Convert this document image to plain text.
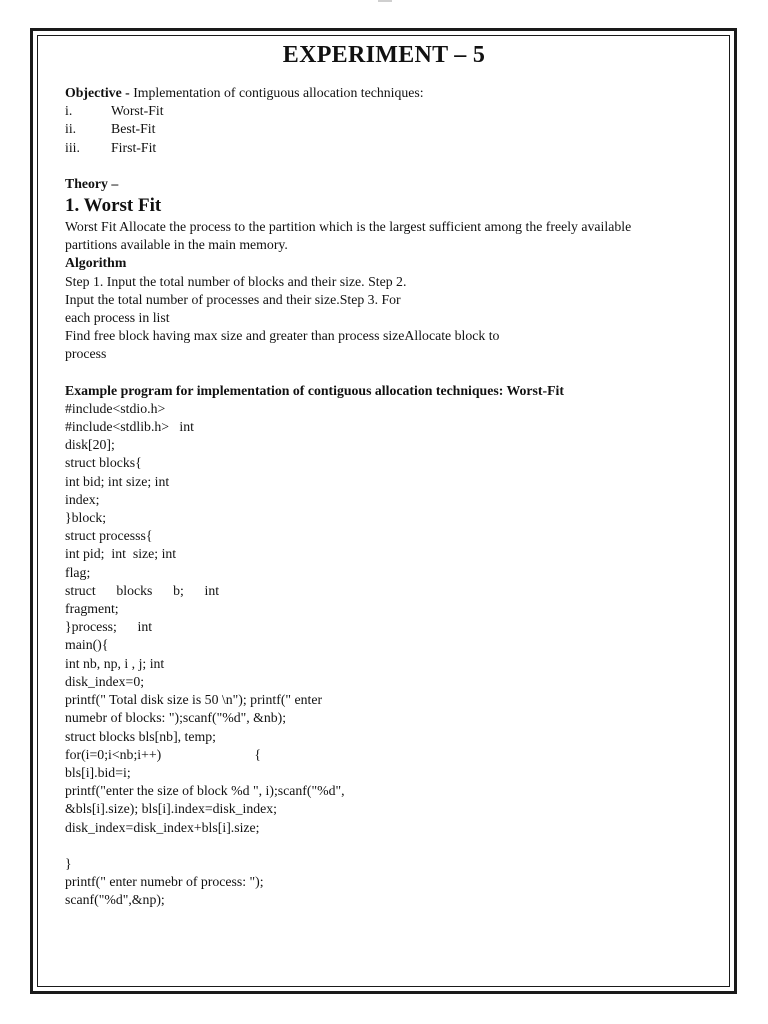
EXPERIMENT – 5
Objective - Implementation of contiguous allocation techniques:
i.	Worst-Fit
ii.	Best-Fit
iii.	First-Fit
Theory –
1. Worst Fit
Worst Fit Allocate the process to the partition which is the largest sufficient among the freely available
partitions available in the main memory.
Algorithm
Step 1. Input the total number of blocks and their size. Step 2.
Input the total number of processes and their size.Step 3. For
each process in list
Find free block having max size and greater than process sizeAllocate block to
process
Example program for implementation of contiguous allocation techniques: Worst-Fit
#include<stdio.h>
#include<stdlib.h>   int
disk[20];
struct blocks{
int bid; int size; int
index;
}block;
struct processs{
int pid;  int  size; int
flag;
struct      blocks      b;      int
fragment;
}process;      int
main(){
int nb, np, i , j; int
disk_index=0;
printf(" Total disk size is 50 \n"); printf(" enter
numebr of blocks: ");scanf("%d", &nb);
struct blocks bls[nb], temp;
for(i=0;i<nb;i++)                           {
bls[i].bid=i;
printf("enter the size of block %d ", i);scanf("%d",
&bls[i].size); bls[i].index=disk_index;
disk_index=disk_index+bls[i].size;

}
printf(" enter numebr of process: ");
scanf("%d",&np);
